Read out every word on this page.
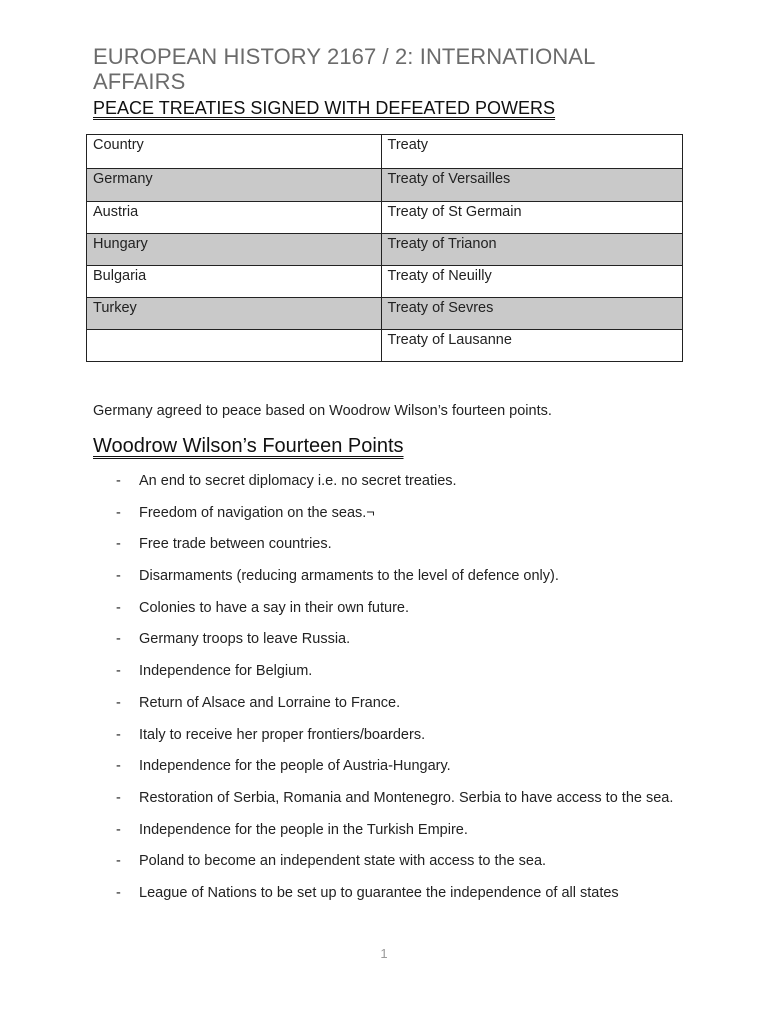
EUROPEAN HISTORY 2167 / 2: INTERNATIONAL AFFAIRS
PEACE TREATIES SIGNED WITH DEFEATED POWERS
Country	Treaty
Germany	Treaty of Versailles
Austria	Treaty of St Germain
Hungary	Treaty of Trianon
Bulgaria	Treaty of Neuilly
Turkey	Treaty of Sevres
	Treaty of Lausanne

Germany agreed to peace based on Woodrow Wilson’s fourteen points.

Woodrow Wilson’s Fourteen Points
- An end to secret diplomacy i.e. no secret treaties.
- Freedom of navigation on the seas.¬
- Free trade between countries.
- Disarmaments (reducing armaments to the level of defence only).
- Colonies to have a say in their own future.
- Germany troops to leave Russia.
- Independence for Belgium.
- Return of Alsace and Lorraine to France.
- Italy to receive her proper frontiers/boarders.
- Independence for the people of Austria-Hungary.
- Restoration of Serbia, Romania and Montenegro. Serbia to have access to the sea.
- Independence for the people in the Turkish Empire.
- Poland to become an independent state with access to the sea.
- League of Nations to be set up to guarantee the independence of all states
1
